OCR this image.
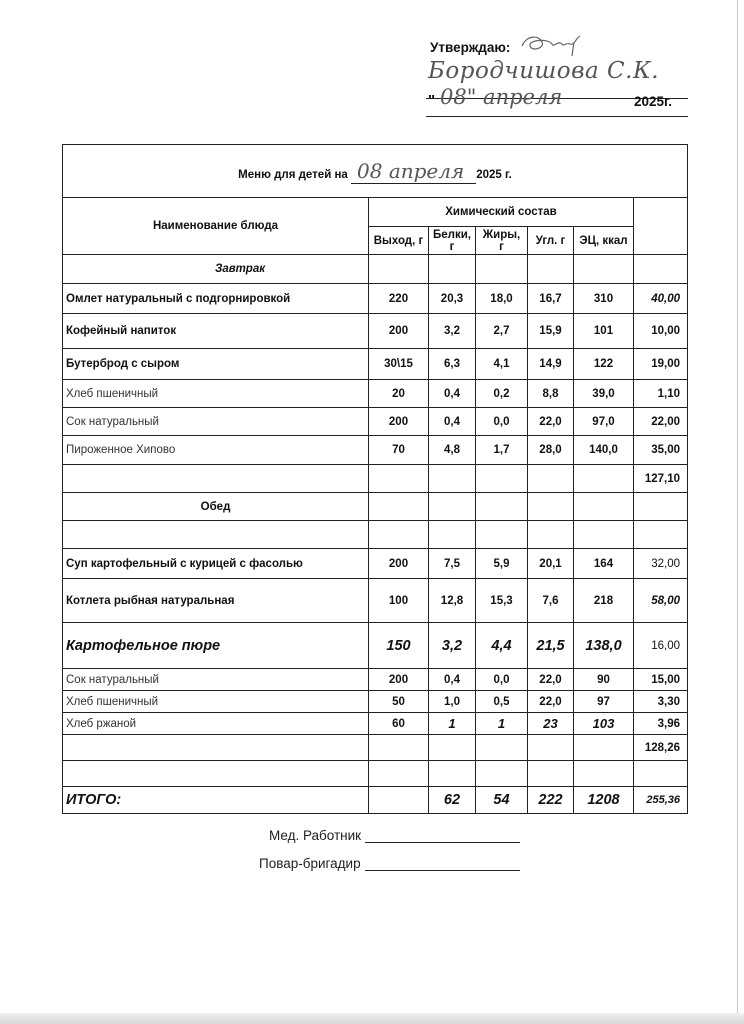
Утверждаю:
Бородчишова С.К.
" 08" апреля	2025г.
Меню для детей на 08 апреля 2025 г.						
Наименование блюда	Химический состав					
	Выход, г	Белки, г	Жиры, г	Угл. г	ЭЦ, ккал	
Завтрак						
Омлет натуральный с подгорнировкой	220	20,3	18,0	16,7	310	40,00
Кофейный напиток	200	3,2	2,7	15,9	101	10,00
Бутерброд с сыром	30\15	6,3	4,1	14,9	122	19,00
Хлеб пшеничный	20	0,4	0,2	8,8	39,0	1,10
Сок натуральный	200	0,4	0,0	22,0	97,0	22,00
Пироженное Хипово	70	4,8	1,7	28,0	140,0	35,00
						127,10
Обед						

Суп картофельный с курицей с фасолью	200	7,5	5,9	20,1	164	32,00
Котлета рыбная натуральная	100	12,8	15,3	7,6	218	58,00
Картофельное пюре	150	3,2	4,4	21,5	138,0	16,00
Сок натуральный	200	0,4	0,0	22,0	90	15,00
Хлеб пшеничный	50	1,0	0,5	22,0	97	3,30
Хлеб ржаной	60	1	1	23	103	3,96
						128,26

ИТОГО:		62	54	222	1208	255,36
Мед. Работник
Повар-бригадир
